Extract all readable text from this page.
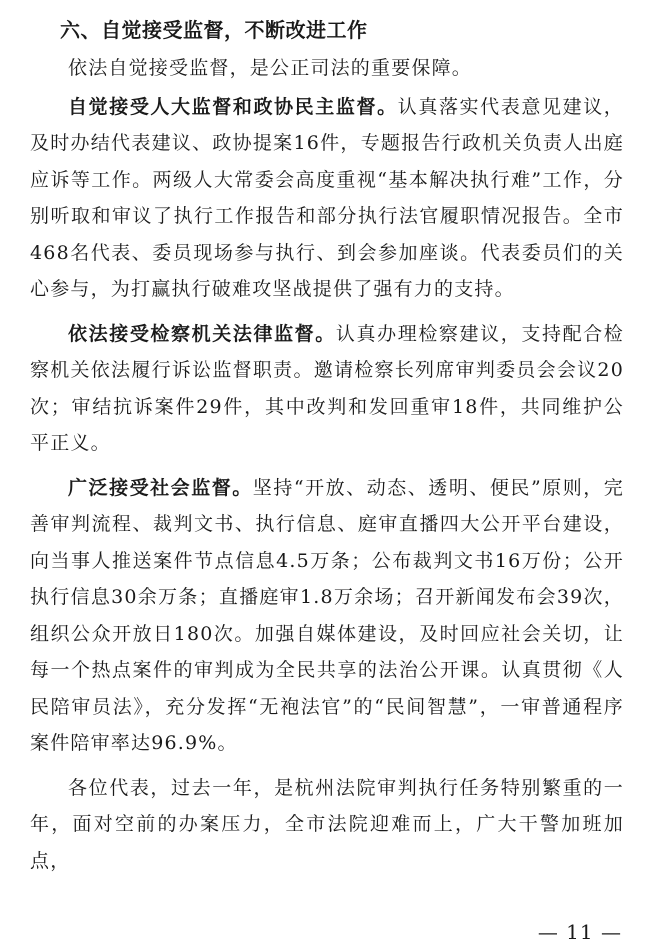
六、自觉接受监督，不断改进工作

依法自觉接受监督，是公正司法的重要保障。

自觉接受人大监督和政协民主监督。认真落实代表意见建议，及时办结代表建议、政协提案16件，专题报告行政机关负责人出庭应诉等工作。两级人大常委会高度重视“基本解决执行难”工作，分别听取和审议了执行工作报告和部分执行法官履职情况报告。全市468名代表、委员现场参与执行、到会参加座谈。代表委员们的关心参与，为打赢执行破难攻坚战提供了强有力的支持。

依法接受检察机关法律监督。认真办理检察建议，支持配合检察机关依法履行诉讼监督职责。邀请检察长列席审判委员会会议20次；审结抗诉案件29件，其中改判和发回重审18件，共同维护公平正义。

广泛接受社会监督。坚持“开放、动态、透明、便民”原则，完善审判流程、裁判文书、执行信息、庭审直播四大公开平台建设，向当事人推送案件节点信息4.5万条；公布裁判文书16万份；公开执行信息30余万条；直播庭审1.8万余场；召开新闻发布会39次，组织公众开放日180次。加强自媒体建设，及时回应社会关切，让每一个热点案件的审判成为全民共享的法治公开课。认真贯彻《人民陪审员法》，充分发挥“无袍法官”的“民间智慧”，一审普通程序案件陪审率达96.9%。

各位代表，过去一年，是杭州法院审判执行任务特别繁重的一年，面对空前的办案压力，全市法院迎难而上，广大干警加班加点，

— 11 —
